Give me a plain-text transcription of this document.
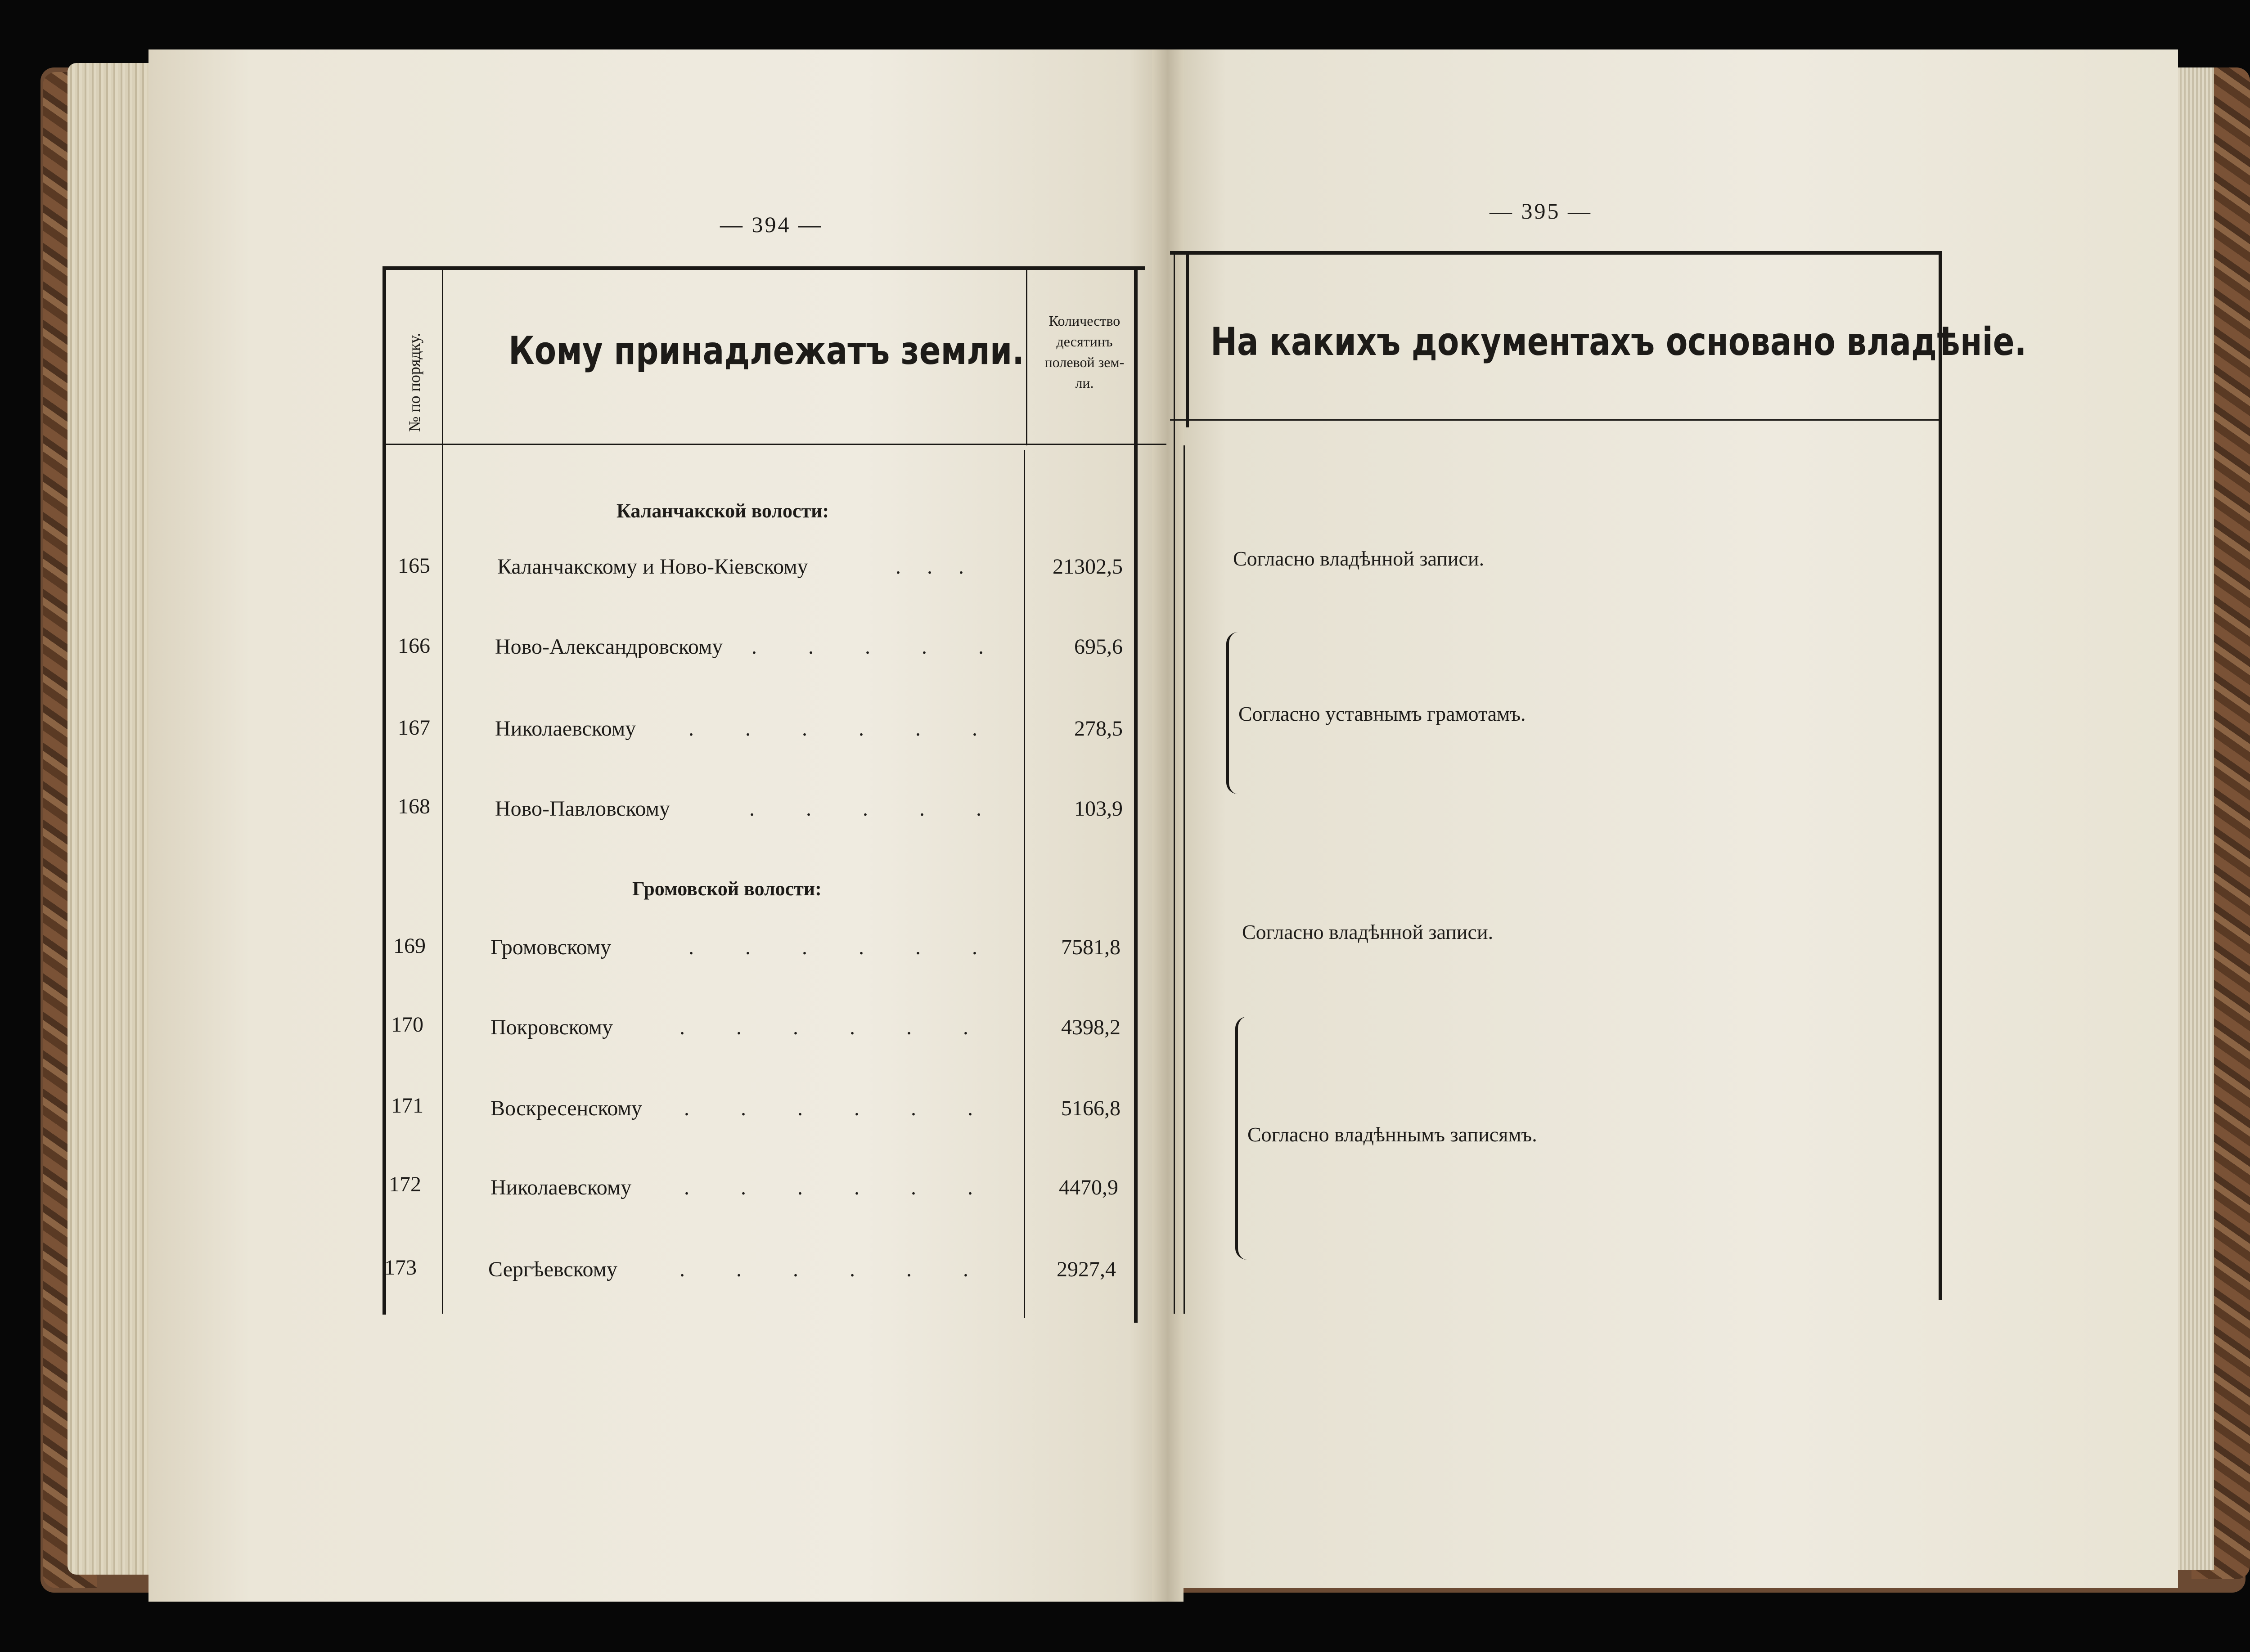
— 394 —
№ по порядку. Кому принадлежатъ земли.
Количество
десятинъ
полевой зем-
ли.
Каланчакской волости:
165	Каланчакскому и Ново-Кіевскому	.    .    .	21302,5
166	Ново-Александровскому .        .        .        .        .	695,6
167	Николаевскому .        .        .        .        .        .	278,5
168	Ново-Павловскому	.        .        .        .        .	103,9
Громовской волости:
169	Громовскому	.        .        .        .        .        .	7581,8
170	Покровскому	.        .        .        .        .        .	4398,2
171	Воскресенскому .        .        .        .        .        .	5166,8
172	Николаевскому .        .        .        .        .        .	4470,9
173	Сергѣевскому	.        .        .        .        .        .	2927,4
— 395 —
На какихъ документахъ основано владѣніе.
Согласно владѣнной записи.
Согласно уставнымъ грамотамъ.
Согласно владѣнной записи.
Согласно владѣннымъ записямъ.
